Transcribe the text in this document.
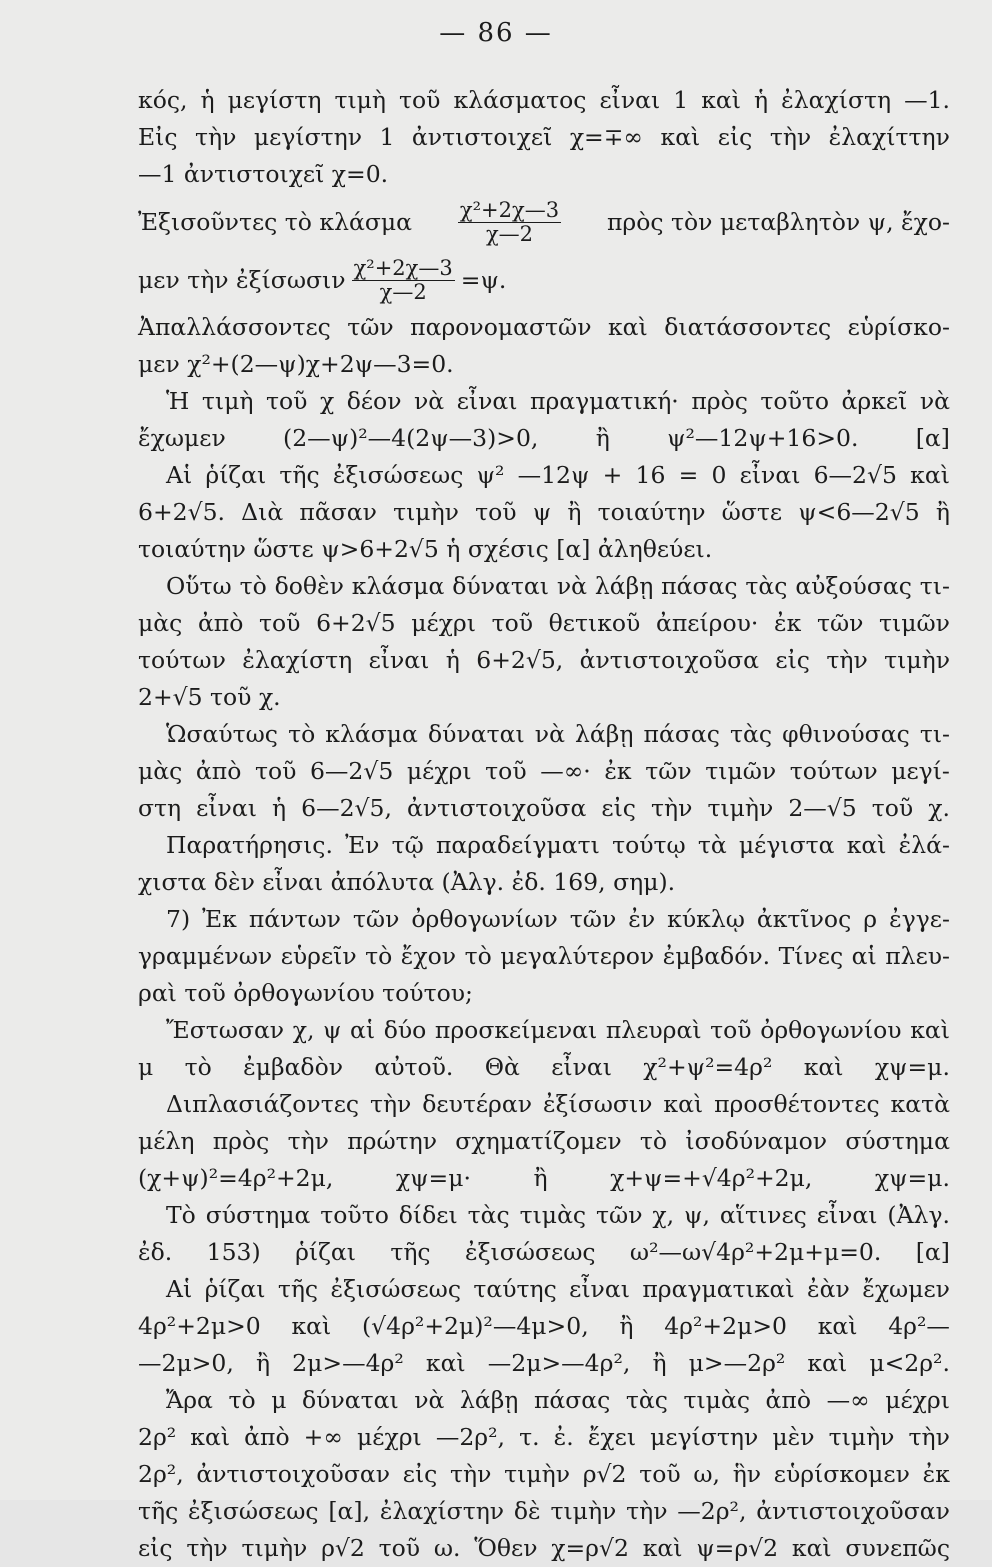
— 86 —
κός, ἡ μεγίστη τιμὴ τοῦ κλάσματος εἶναι 1 καὶ ἡ ἐλαχίστη —1.
Εἰς τὴν μεγίστην 1 ἀντιστοιχεῖ χ=∓∞ καὶ εἰς τὴν ἐλαχίττην
—1 ἀντιστοιχεῖ χ=0.
Ἐξισοῦντες τὸ κλάσμα $\frac{\text{χ²+2χ—3}}{\chi—2}$ πρὸς τὸν μεταβλητὸν ψ, ἔχο-
μεν τὴν ἐξίσωσιν $\frac{\text{χ²+2χ—3}}{\chi—2} =\psi$.
Ἀπαλλάσσοντες τῶν παρονομαστῶν καὶ διατάσσοντες εὑρίσκο-
μεν χ²+(2—ψ)χ+2ψ—3=0.
Ἡ τιμὴ τοῦ χ δέον νὰ εἶναι πραγματική· πρὸς τοῦτο ἀρκεῖ νὰ
ἔχωμεν (2—ψ)²—4(2ψ—3)>0, ἢ ψ²—12ψ+16>0. [α]
Αἱ ῥίζαι τῆς ἐξισώσεως ψ² —12ψ + 16 = 0 εἶναι 6—2√5 καὶ
6+2√5. Διὰ πᾶσαν τιμὴν τοῦ ψ ἢ τοιαύτην ὥστε ψ<6—2√5 ἢ
τοιαύτην ὥστε ψ>6+2√5 ἡ σχέσις [α] ἀληθεύει.
Οὕτω τὸ δοθὲν κλάσμα δύναται νὰ λάβῃ πάσας τὰς αὐξούσας τι-
μὰς ἀπὸ τοῦ 6+2√5 μέχρι τοῦ θετικοῦ ἀπείρου· ἐκ τῶν τιμῶν
τούτων ἐλαχίστη εἶναι ἡ 6+2√5, ἀντιστοιχοῦσα εἰς τὴν τιμὴν
2+√5 τοῦ χ.
Ὡσαύτως τὸ κλάσμα δύναται νὰ λάβῃ πάσας τὰς φθινούσας τι-
μὰς ἀπὸ τοῦ 6—2√5 μέχρι τοῦ —∞· ἐκ τῶν τιμῶν τούτων μεγί-
στη εἶναι ἡ 6—2√5, ἀντιστοιχοῦσα εἰς τὴν τιμὴν 2—√5 τοῦ χ.
Παρατήρησις. Ἐν τῷ παραδείγματι τούτῳ τὰ μέγιστα καὶ ἐλά-
χιστα δὲν εἶναι ἀπόλυτα (Ἀλγ. ἐδ. 169, σημ).
7) Ἐκ πάντων τῶν ὀρθογωνίων τῶν ἐν κύκλῳ ἀκτῖνος ρ ἐγγε-
γραμμένων εὑρεῖν τὸ ἔχον τὸ μεγαλύτερον ἐμβαδόν. Τίνες αἱ πλευ-
ραὶ τοῦ ὀρθογωνίου τούτου;
Ἔστωσαν χ, ψ αἱ δύο προσκείμεναι πλευραὶ τοῦ ὀρθογωνίου καὶ
μ τὸ ἐμβαδὸν αὐτοῦ. Θὰ εἶναι χ²+ψ²=4ρ² καὶ χψ=μ.
Διπλασιάζοντες τὴν δευτέραν ἐξίσωσιν καὶ προσθέτοντες κατὰ
μέλη πρὸς τὴν πρώτην σχηματίζομεν τὸ ἰσοδύναμον σύστημα
(χ+ψ)²=4ρ²+2μ,	χψ=μ·	ἢ	χ+ψ=+√4ρ²+2μ,	χψ=μ.
Τὸ σύστημα τοῦτο δίδει τὰς τιμὰς τῶν χ, ψ, αἵτινες εἶναι (Ἀλγ.
ἐδ. 153) ῥίζαι τῆς ἐξισώσεως ω²—ω√4ρ²+2μ+μ=0. [α]
Αἱ ῥίζαι τῆς ἐξισώσεως ταύτης εἶναι πραγματικαὶ ἐὰν ἔχωμεν
4ρ²+2μ>0 καὶ (√4ρ²+2μ)²—4μ>0, ἢ 4ρ²+2μ>0 καὶ 4ρ²—
—2μ>0, ἢ 2μ>—4ρ² καὶ —2μ>—4ρ², ἢ μ>—2ρ² καὶ μ<2ρ².
Ἄρα τὸ μ δύναται νὰ λάβῃ πάσας τὰς τιμὰς ἀπὸ —∞ μέχρι
2ρ² καὶ ἀπὸ +∞ μέχρι —2ρ², τ. ἐ. ἔχει μεγίστην μὲν τιμὴν τὴν
2ρ², ἀντιστοιχοῦσαν εἰς τὴν τιμὴν ρ√2 τοῦ ω, ἣν εὑρίσκομεν ἐκ
τῆς ἐξισώσεως [α], ἐλαχίστην δὲ τιμὴν τὴν —2ρ², ἀντιστοιχοῦσαν
εἰς τὴν τιμὴν ρ√2 τοῦ ω. Ὅθεν χ=ρ√2 καὶ ψ=ρ√2 καὶ συνεπῶς
